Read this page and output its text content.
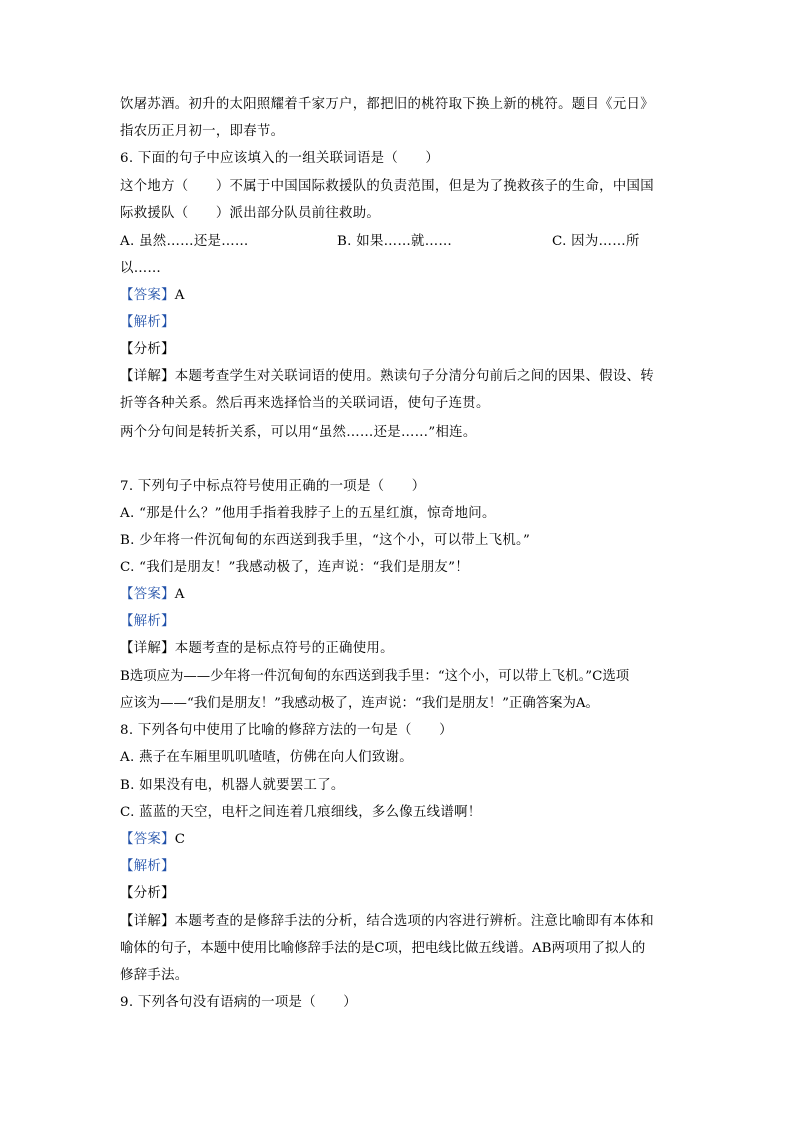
饮屠苏酒。初升的太阳照耀着千家万户，都把旧的桃符取下换上新的桃符。题目《元日》
指农历正月初一，即春节。
6. 下面的句子中应该填入的一组关联词语是（　　）
这个地方（　　）不属于中国国际救援队的负责范围，但是为了挽救孩子的生命，中国国
际救援队（　　）派出部分队员前往救助。
A. 虽然……还是……	B. 如果……就……	C. 因为……所
以……
【答案】A
【解析】
【分析】
【详解】本题考查学生对关联词语的使用。熟读句子分清分句前后之间的因果、假设、转
折等各种关系。然后再来选择恰当的关联词语，使句子连贯。
两个分句间是转折关系，可以用“虽然……还是……”相连。
7. 下列句子中标点符号使用正确的一项是（　　）
A. “那是什么？”他用手指着我脖子上的五星红旗，惊奇地问。
B. 少年将一件沉甸甸的东西送到我手里，“这个小，可以带上飞机。”
C. “我们是朋友！”我感动极了，连声说：“我们是朋友”！
【答案】A
【解析】
【详解】本题考查的是标点符号的正确使用。
B选项应为——少年将一件沉甸甸的东西送到我手里：“这个小，可以带上飞机。”C选项
应该为——“我们是朋友！”我感动极了，连声说：“我们是朋友！”正确答案为A。
8. 下列各句中使用了比喻的修辞方法的一句是（　　）
A. 燕子在车厢里叽叽喳喳，仿佛在向人们致谢。
B. 如果没有电，机器人就要罢工了。
C. 蓝蓝的天空，电杆之间连着几痕细线，多么像五线谱啊！
【答案】C
【解析】
【分析】
【详解】本题考查的是修辞手法的分析，结合选项的内容进行辨析。注意比喻即有本体和
喻体的句子，本题中使用比喻修辞手法的是C项，把电线比做五线谱。AB两项用了拟人的
修辞手法。
9. 下列各句没有语病的一项是（　　）
